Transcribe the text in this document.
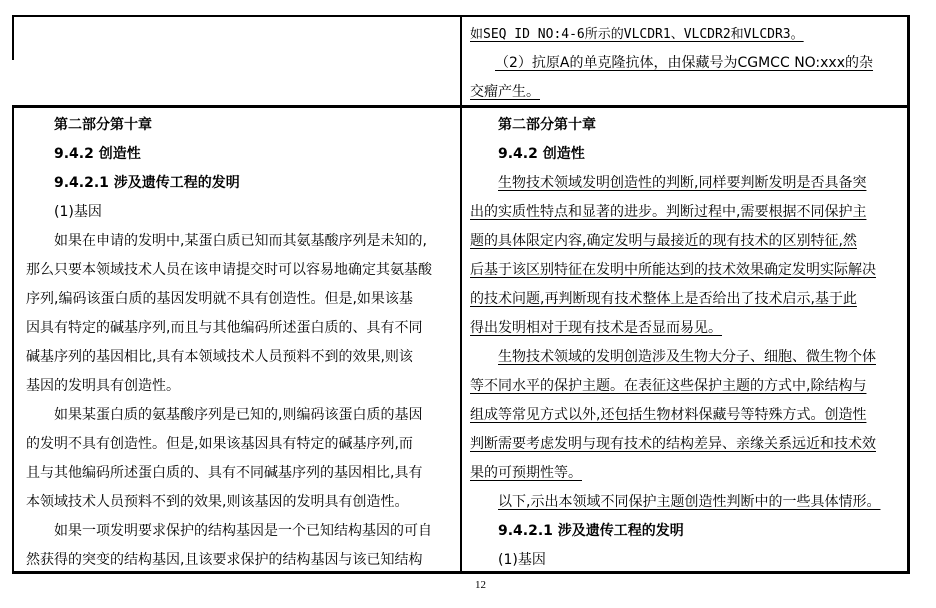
如SEQ ID NO:4-6所示的VLCDR1、VLCDR2和VLCDR3。
（2）抗原A的单克隆抗体，由保藏号为CGMCC NO:xxx的杂
交瘤产生。
第二部分第十章
9.4.2 创造性
9.4.2.1 涉及遗传工程的发明
(1)基因
如果在申请的发明中,某蛋白质已知而其氨基酸序列是未知的,
那么只要本领域技术人员在该申请提交时可以容易地确定其氨基酸
序列,编码该蛋白质的基因发明就不具有创造性。但是,如果该基
因具有特定的碱基序列,而且与其他编码所述蛋白质的、具有不同
碱基序列的基因相比,具有本领域技术人员预料不到的效果,则该
基因的发明具有创造性。
如果某蛋白质的氨基酸序列是已知的,则编码该蛋白质的基因
的发明不具有创造性。但是,如果该基因具有特定的碱基序列,而
且与其他编码所述蛋白质的、具有不同碱基序列的基因相比,具有
本领域技术人员预料不到的效果,则该基因的发明具有创造性。
如果一项发明要求保护的结构基因是一个已知结构基因的可自
然获得的突变的结构基因,且该要求保护的结构基因与该已知结构
第二部分第十章
9.4.2 创造性
生物技术领域发明创造性的判断,同样要判断发明是否具备突
出的实质性特点和显著的进步。判断过程中,需要根据不同保护主
题的具体限定内容,确定发明与最接近的现有技术的区别特征,然
后基于该区别特征在发明中所能达到的技术效果确定发明实际解决
的技术问题,再判断现有技术整体上是否给出了技术启示,基于此
得出发明相对于现有技术是否显而易见。
生物技术领域的发明创造涉及生物大分子、细胞、微生物个体
等不同水平的保护主题。在表征这些保护主题的方式中,除结构与
组成等常见方式以外,还包括生物材料保藏号等特殊方式。创造性
判断需要考虑发明与现有技术的结构差异、亲缘关系远近和技术效
果的可预期性等。
以下,示出本领域不同保护主题创造性判断中的一些具体情形。
9.4.2.1 涉及遗传工程的发明
(1)基因
12
